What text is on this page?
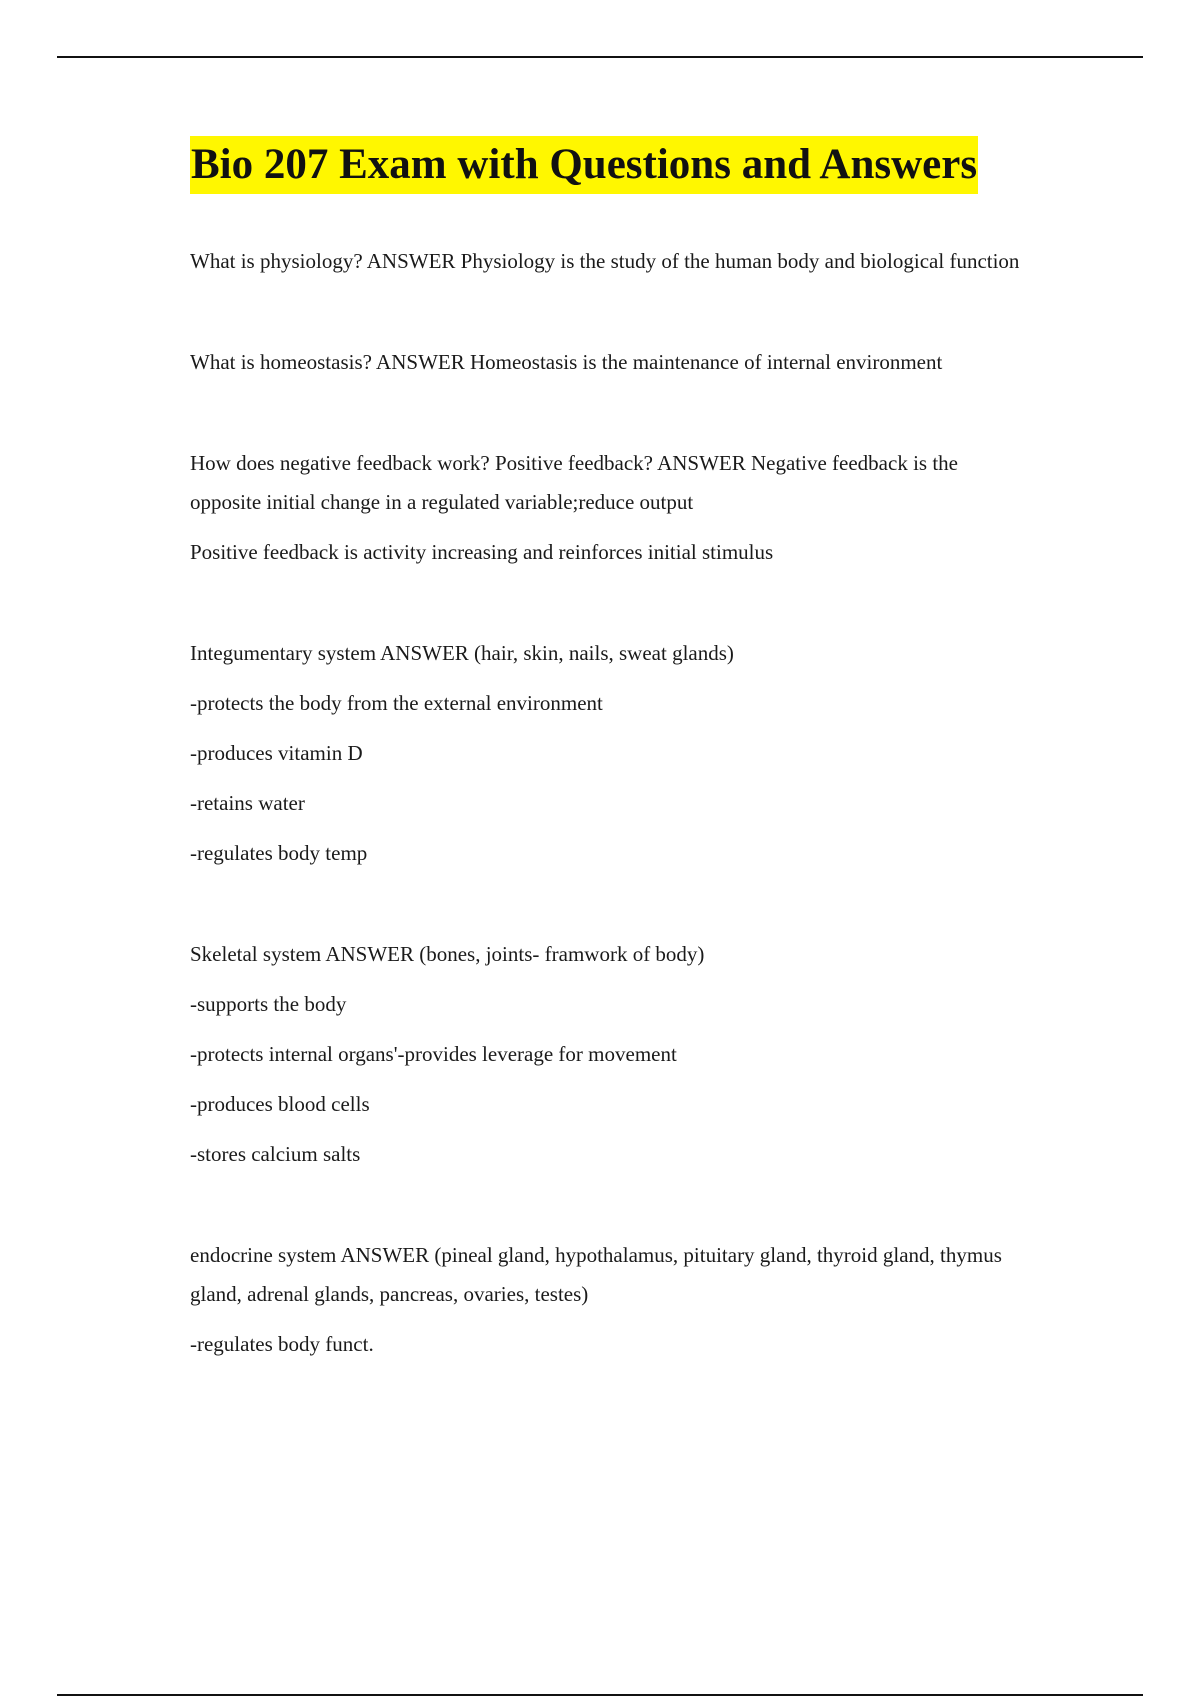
Bio 207 Exam with Questions and Answers

What is physiology? ANSWER Physiology is the study of the human body and biological function

What is homeostasis? ANSWER Homeostasis is the maintenance of internal environment

How does negative feedback work? Positive feedback? ANSWER Negative feedback is the opposite initial change in a regulated variable;reduce output

Positive feedback is activity increasing and reinforces initial stimulus

Integumentary system ANSWER (hair, skin, nails, sweat glands)

-protects the body from the external environment

-produces vitamin D

-retains water

-regulates body temp

Skeletal system ANSWER (bones, joints- framwork of body)

-supports the body

-protects internal organs'-provides leverage for movement

-produces blood cells

-stores calcium salts

endocrine system ANSWER (pineal gland, hypothalamus, pituitary gland, thyroid gland, thymus gland, adrenal glands, pancreas, ovaries, testes)

-regulates body funct.
